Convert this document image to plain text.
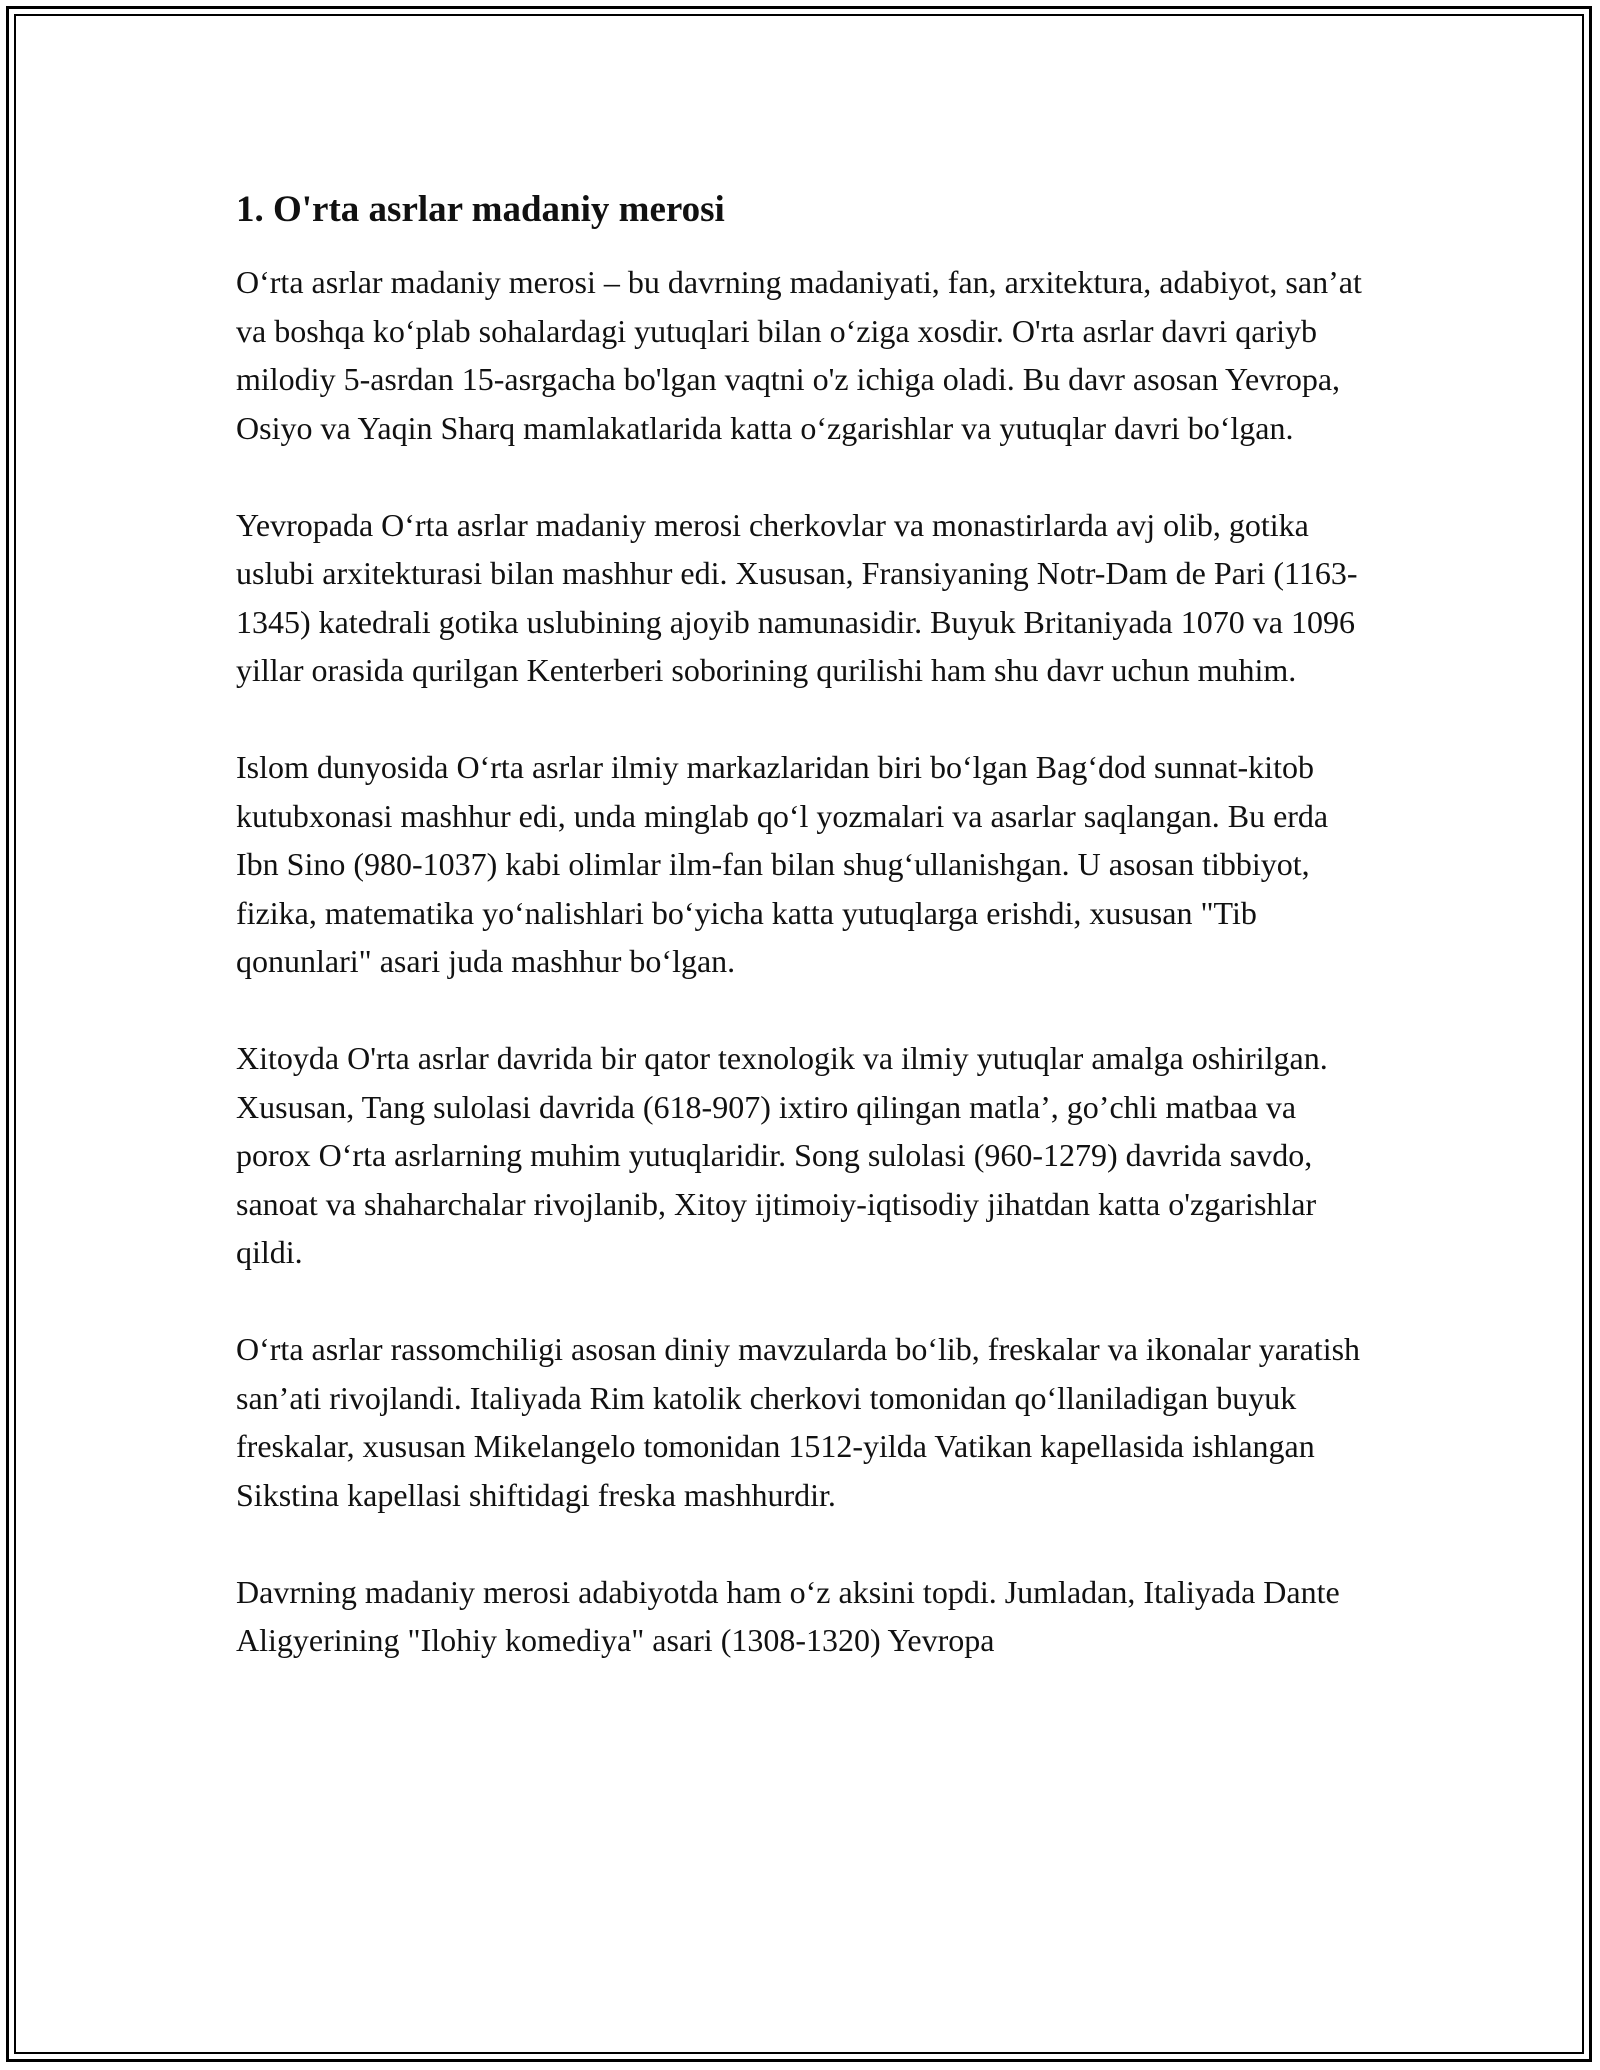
1. O'rta asrlar madaniy merosi

O‘rta asrlar madaniy merosi – bu davrning madaniyati, fan, arxitektura, adabiyot, san’at va boshqa ko‘plab sohalardagi yutuqlari bilan o‘ziga xosdir. O'rta asrlar davri qariyb milodiy 5-asrdan 15-asrgacha bo'lgan vaqtni o'z ichiga oladi. Bu davr asosan Yevropa, Osiyo va Yaqin Sharq mamlakatlarida katta o‘zgarishlar va yutuqlar davri bo‘lgan.

Yevropada O‘rta asrlar madaniy merosi cherkovlar va monastirlarda avj olib, gotika uslubi arxitekturasi bilan mashhur edi. Xususan, Fransiyaning Notr-Dam de Pari (1163-1345) katedrali gotika uslubining ajoyib namunasidir. Buyuk Britaniyada 1070 va 1096 yillar orasida qurilgan Kenterberi soborining qurilishi ham shu davr uchun muhim.

Islom dunyosida O‘rta asrlar ilmiy markazlaridan biri bo‘lgan Bag‘dod sunnat-kitob kutubxonasi mashhur edi, unda minglab qo‘l yozmalari va asarlar saqlangan. Bu erda Ibn Sino (980-1037) kabi olimlar ilm-fan bilan shug‘ullanishgan. U asosan tibbiyot, fizika, matematika yo‘nalishlari bo‘yicha katta yutuqlarga erishdi, xususan "Tib qonunlari" asari juda mashhur bo‘lgan.

Xitoyda O'rta asrlar davrida bir qator texnologik va ilmiy yutuqlar amalga oshirilgan. Xususan, Tang sulolasi davrida (618-907) ixtiro qilingan matla’, go’chli matbaa va porox O‘rta asrlarning muhim yutuqlaridir. Song sulolasi (960-1279) davrida savdo, sanoat va shaharchalar rivojlanib, Xitoy ijtimoiy-iqtisodiy jihatdan katta o'zgarishlar qildi.

O‘rta asrlar rassomchiligi asosan diniy mavzularda bo‘lib, freskalar va ikonalar yaratish san’ati rivojlandi. Italiyada Rim katolik cherkovi tomonidan qo‘llaniladigan buyuk freskalar, xususan Mikelangelo tomonidan 1512-yilda Vatikan kapellasida ishlangan Sikstina kapellasi shiftidagi freska mashhurdir.

Davrning madaniy merosi adabiyotda ham o‘z aksini topdi. Jumladan, Italiyada Dante Aligyerining "Ilohiy komediya" asari (1308-1320) Yevropa
